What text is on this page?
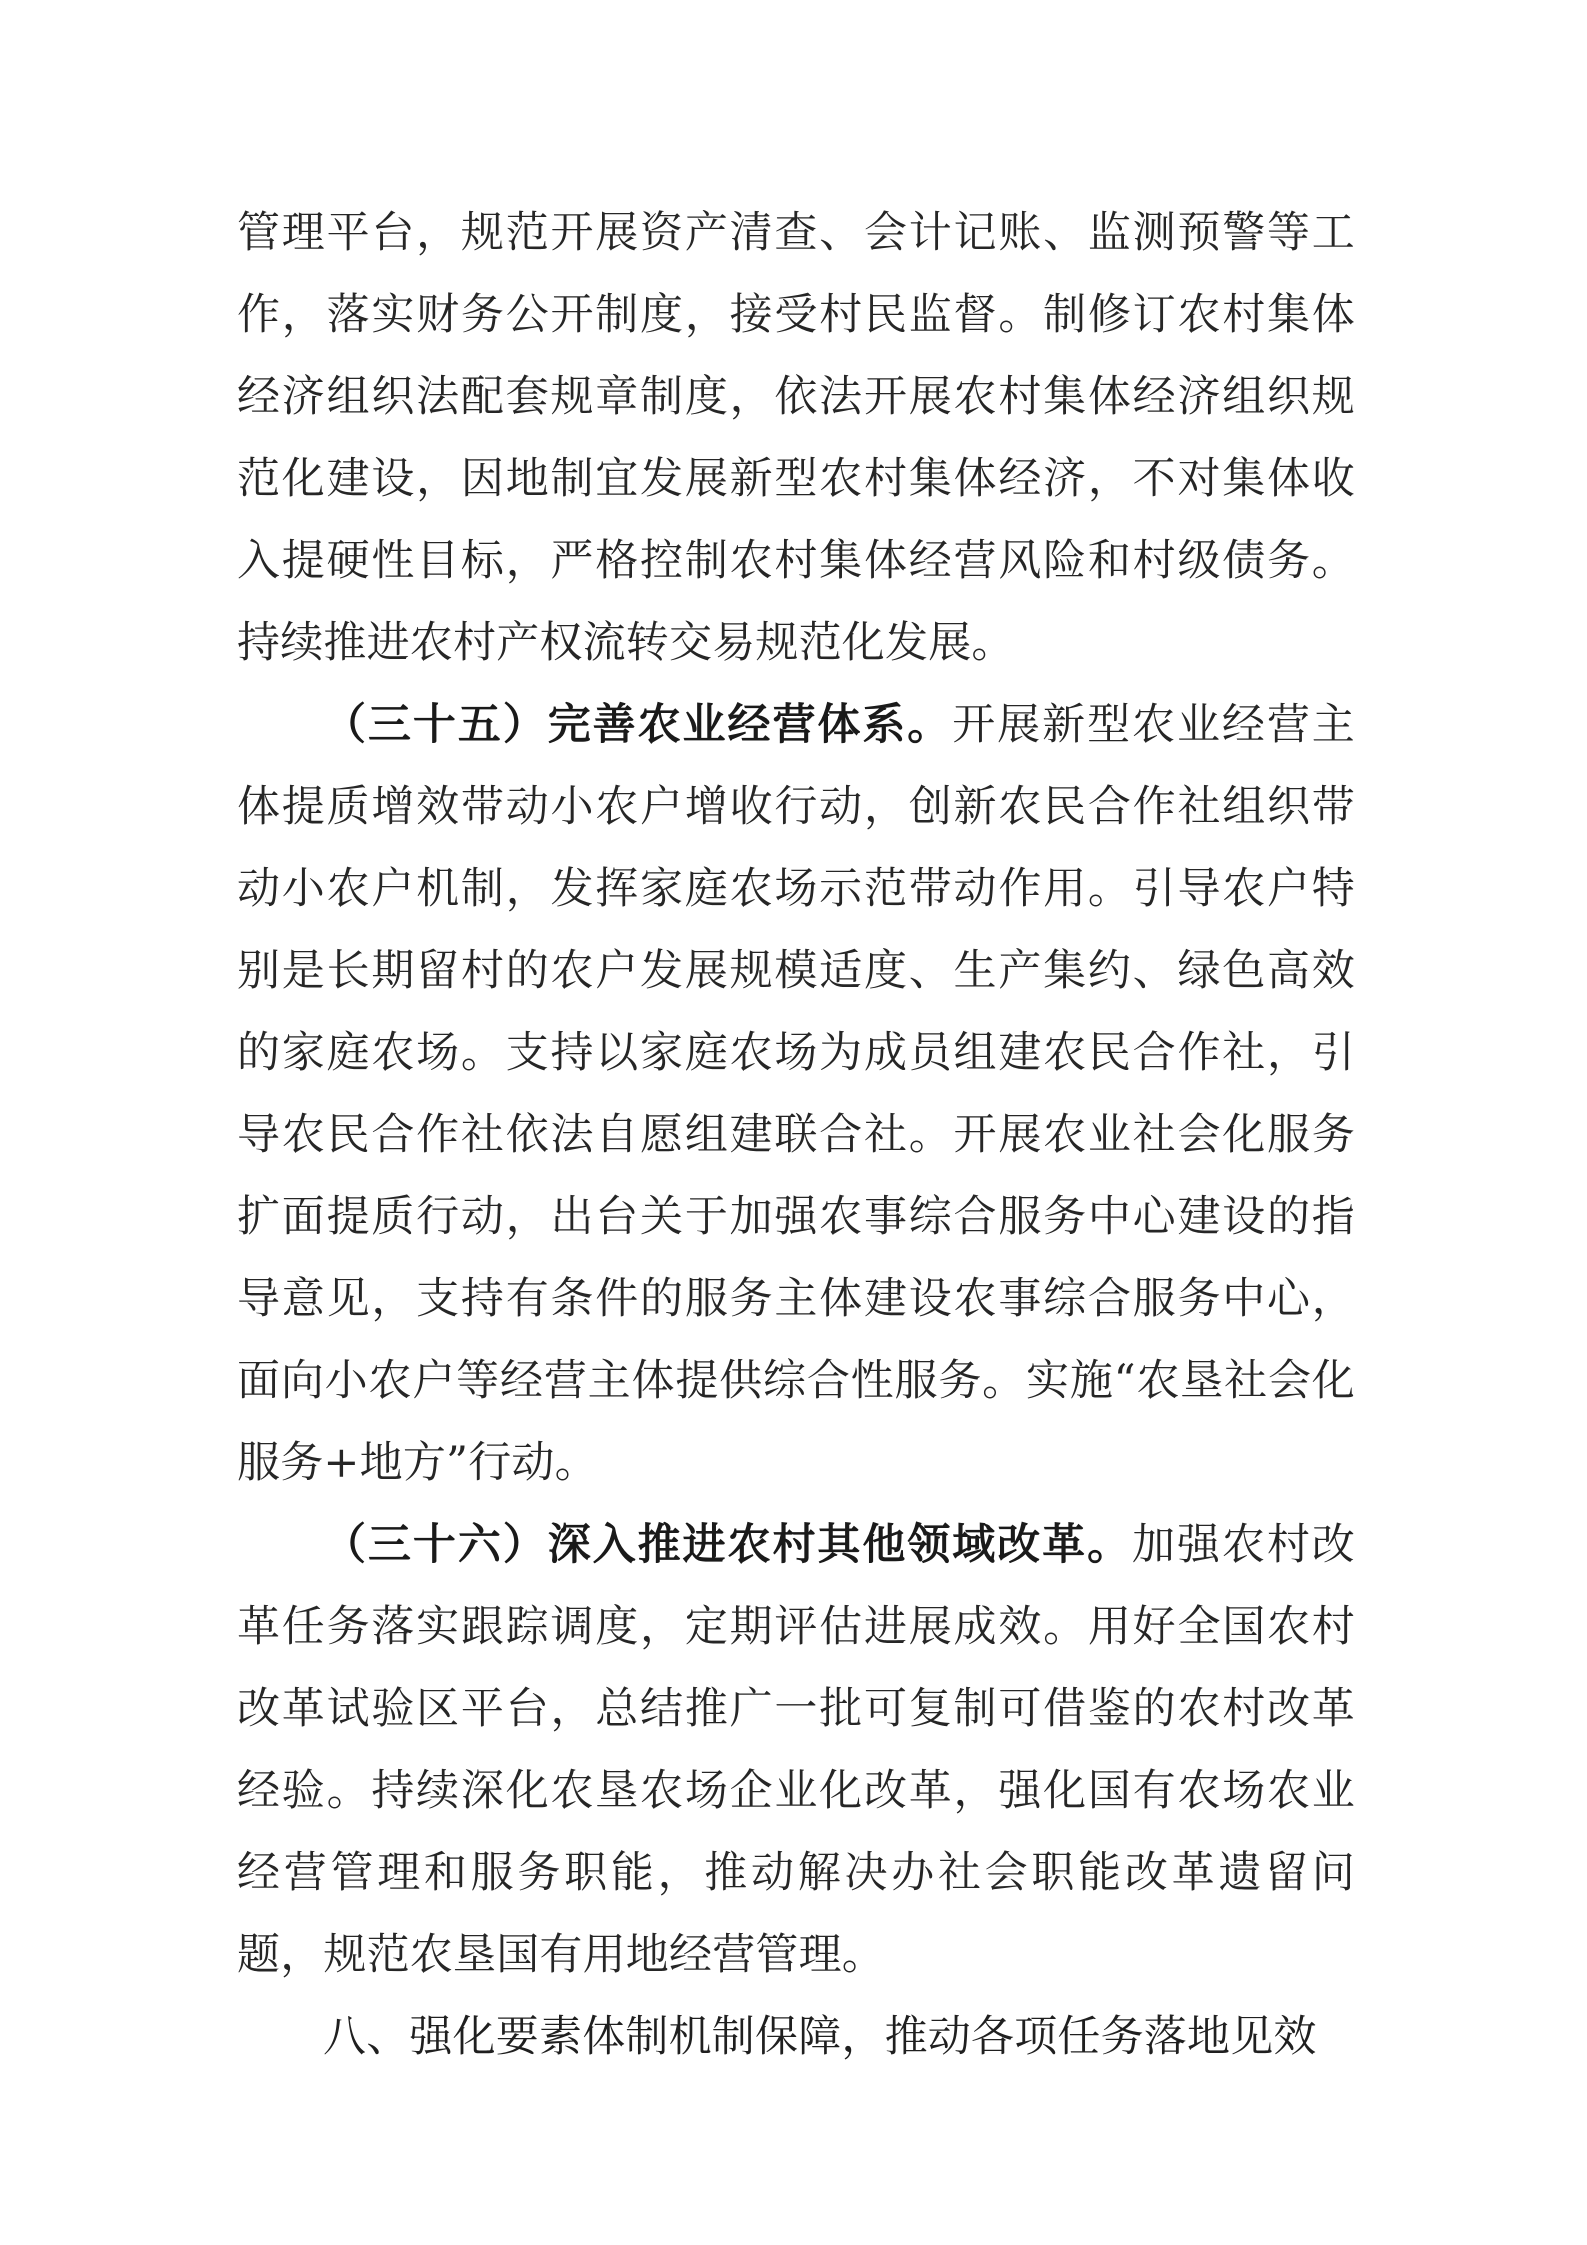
管理平台，规范开展资产清查、会计记账、监测预警等工作，落实财务公开制度，接受村民监督。制修订农村集体经济组织法配套规章制度，依法开展农村集体经济组织规范化建设，因地制宜发展新型农村集体经济，不对集体收入提硬性目标，严格控制农村集体经营风险和村级债务。持续推进农村产权流转交易规范化发展。

（三十五）完善农业经营体系。开展新型农业经营主体提质增效带动小农户增收行动，创新农民合作社组织带动小农户机制，发挥家庭农场示范带动作用。引导农户特别是长期留村的农户发展规模适度、生产集约、绿色高效的家庭农场。支持以家庭农场为成员组建农民合作社，引导农民合作社依法自愿组建联合社。开展农业社会化服务扩面提质行动，出台关于加强农事综合服务中心建设的指导意见，支持有条件的服务主体建设农事综合服务中心，面向小农户等经营主体提供综合性服务。实施“农垦社会化服务+地方”行动。

（三十六）深入推进农村其他领域改革。加强农村改革任务落实跟踪调度，定期评估进展成效。用好全国农村改革试验区平台，总结推广一批可复制可借鉴的农村改革经验。持续深化农垦农场企业化改革，强化国有农场农业经营管理和服务职能，推动解决办社会职能改革遗留问题，规范农垦国有用地经营管理。

八、强化要素体制机制保障，推动各项任务落地见效
